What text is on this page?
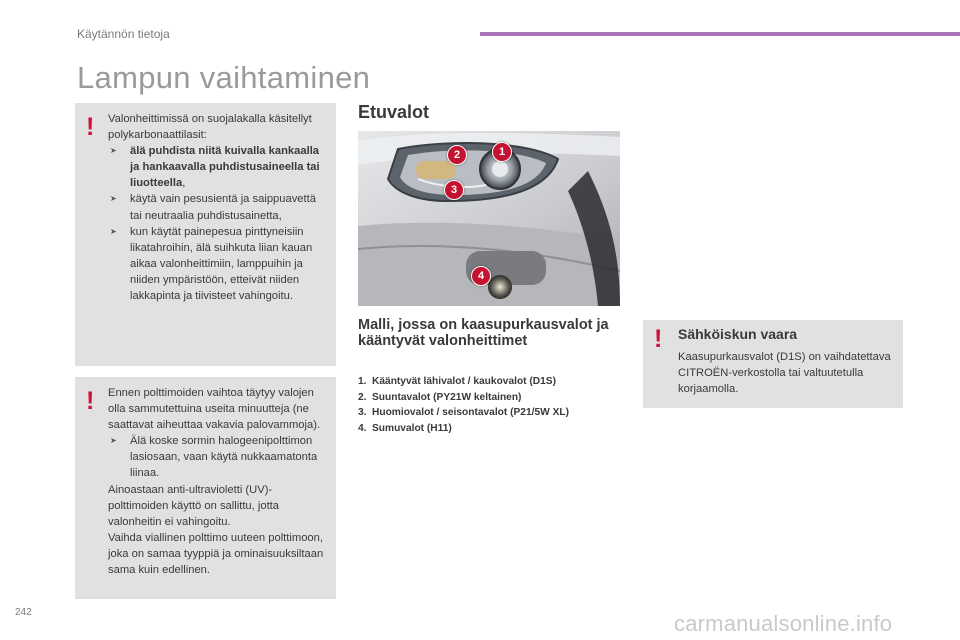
Käytännön tietoja
Lampun vaihtaminen
! Valonheittimissä on suojalakalla käsitellyt polykarbonaattilasit:

➤ älä puhdista niitä kuivalla kankaalla ja hankaavalla puhdistusaineella tai liuotteella,
➤ käytä vain pesusientä ja saippuavettä tai neutraalia puhdistusainetta,
➤ kun käytät painepesua pinttyneisiin likatahroihin, älä suihkuta liian kauan aikaa valonheittimiin, lamppuihin ja niiden ympäristöön, etteivät niiden lakkapinta ja tiivisteet vahingoitu.
! Ennen polttimoiden vaihtoa täytyy valojen olla sammutettuina useita minuutteja (ne saattavat aiheuttaa vakavia palovammoja).

➤ Älä koske sormin halogeenipolttimon lasiosaan, vaan käytä nukkaamatonta liinaa.

Ainoastaan anti-ultravioletti (UV)-polttimoiden käyttö on sallittu, jotta valonheitin ei vahingoitu.

Vaihda viallinen polttimo uuteen polttimoon, joka on samaa tyyppiä ja ominaisuuksiltaan sama kuin edellinen.

Etuvalot
1
2
3
4
Malli, jossa on kaasupurkausvalot ja kääntyvät valonheittimet
1. Kääntyvät lähivalot / kaukovalot (D1S)
2. Suuntavalot (PY21W keltainen)
3. Huomiovalot / seisontavalot (P21/5W XL)
4. Sumuvalot (H11)
! Sähköiskun vaara

Kaasupurkausvalot (D1S) on vaihdatettava CITROËN-verkostolla tai valtuutetulla korjaamolla.

242	carmanualsonline.info
